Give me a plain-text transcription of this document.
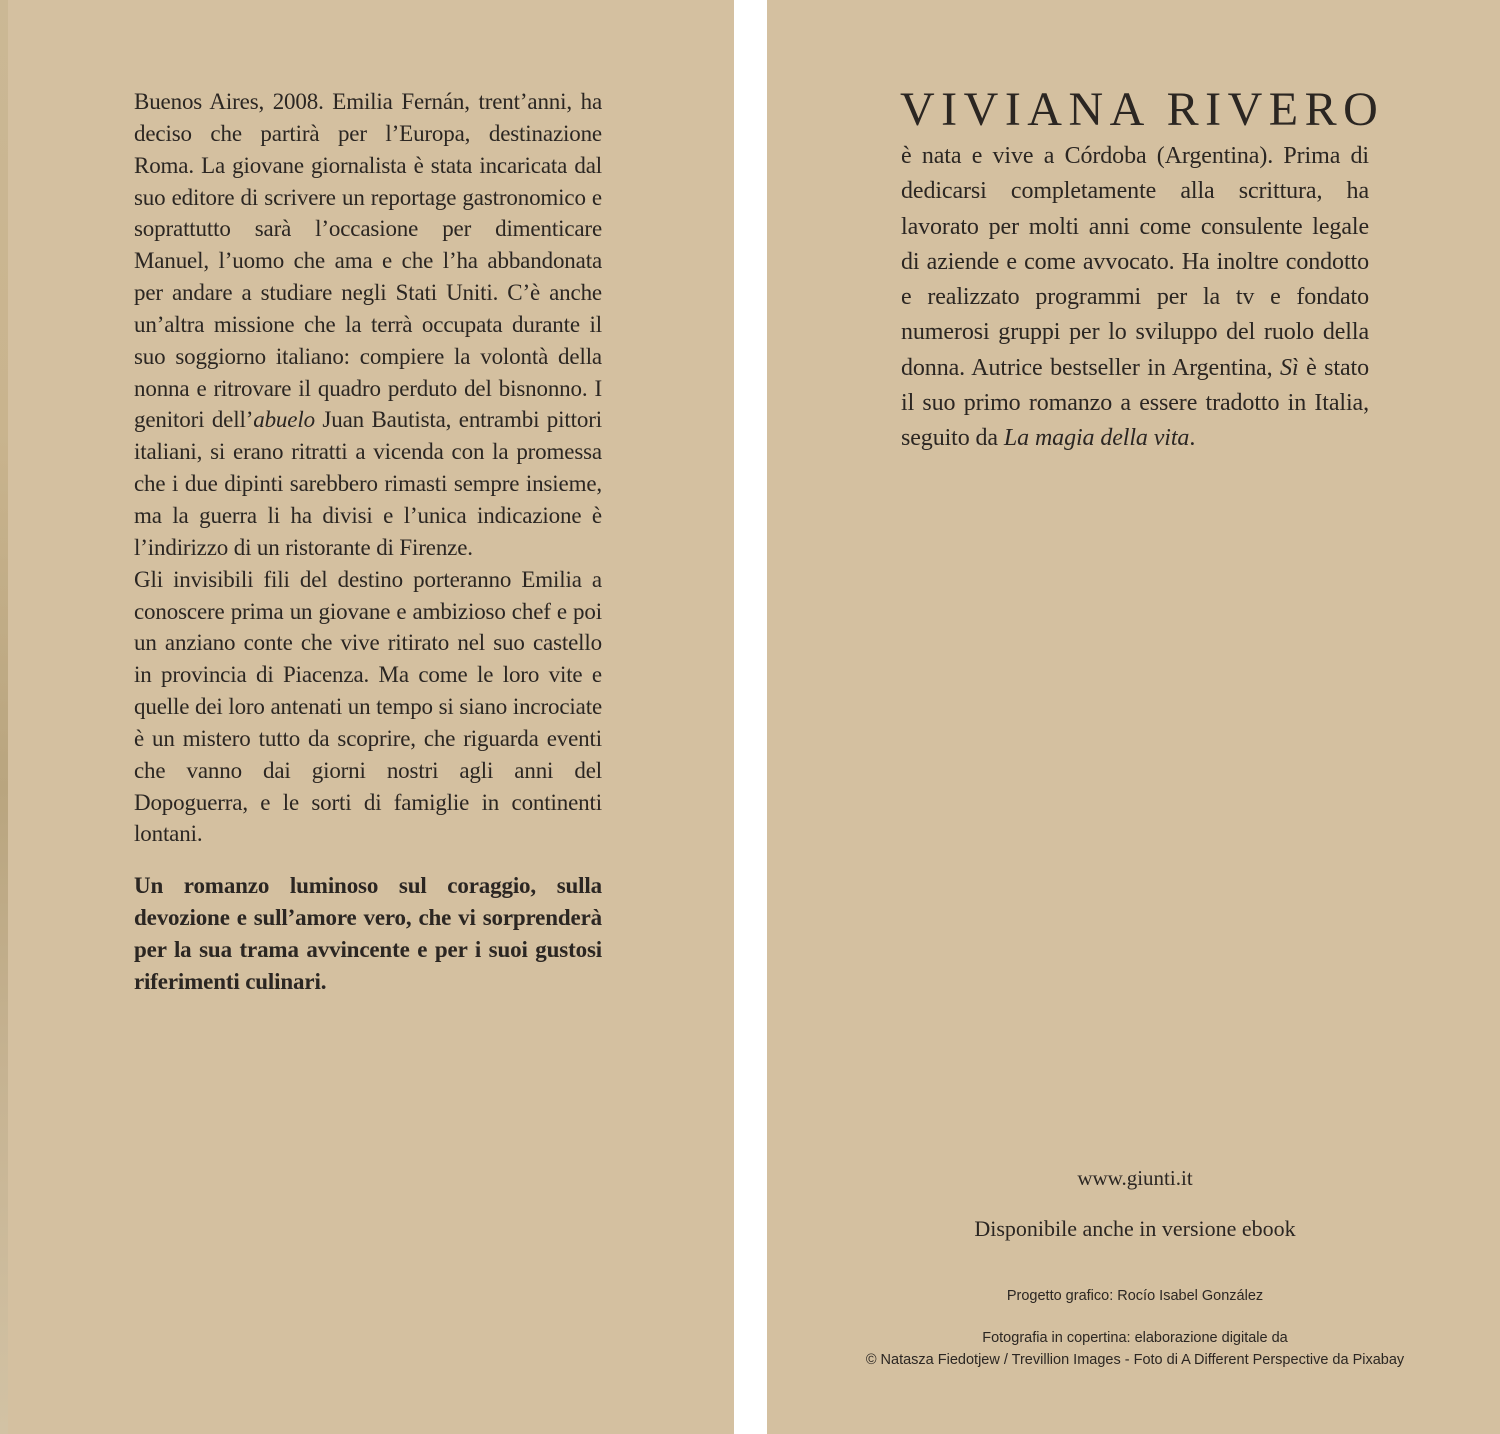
Buenos Aires, 2008. Emilia Fernán, trent’anni, ha deciso che partirà per l’Europa, destinazione Roma. La giovane giornalista è stata incaricata dal suo editore di scrivere un reportage gastronomico e soprattutto sarà l’occasione per dimenticare Manuel, l’uomo che ama e che l’ha abbandonata per andare a studiare negli Stati Uniti. C’è anche un’altra missione che la terrà occupata durante il suo soggiorno italiano: compiere la volontà della nonna e ritrovare il quadro perduto del bisnonno. I genitori dell’abuelo Juan Bautista, entrambi pittori italiani, si erano ritratti a vicenda con la promessa che i due dipinti sarebbero rimasti sempre insieme, ma la guerra li ha divisi e l’unica indicazione è l’indirizzo di un ristorante di Firenze.

Gli invisibili fili del destino porteranno Emilia a conoscere prima un giovane e ambizioso chef e poi un anziano conte che vive ritirato nel suo castello in provincia di Piacenza. Ma come le loro vite e quelle dei loro antenati un tempo si siano incrociate è un mistero tutto da scoprire, che riguarda eventi che vanno dai giorni nostri agli anni del Dopoguerra, e le sorti di famiglie in continenti lontani.

Un romanzo luminoso sul coraggio, sulla devozione e sull’amore vero, che vi sorprenderà per la sua trama avvincente e per i suoi gustosi riferimenti culinari.

VIVIANA RIVERO
è nata e vive a Córdoba (Argentina). Prima di dedicarsi completamente alla scrittura, ha lavorato per molti anni come consulente legale di aziende e come avvocato. Ha inoltre condotto e realizzato programmi per la tv e fondato numerosi gruppi per lo sviluppo del ruolo della donna. Autrice bestseller in Argentina, Sì è stato il suo primo romanzo a essere tradotto in Italia, seguito da La magia della vita.
www.giunti.it
Disponibile anche in versione ebook
Progetto grafico: Rocío Isabel González
Fotografia in copertina: elaborazione digitale da
© Natasza Fiedotjew / Trevillion Images - Foto di A Different Perspective da Pixabay
